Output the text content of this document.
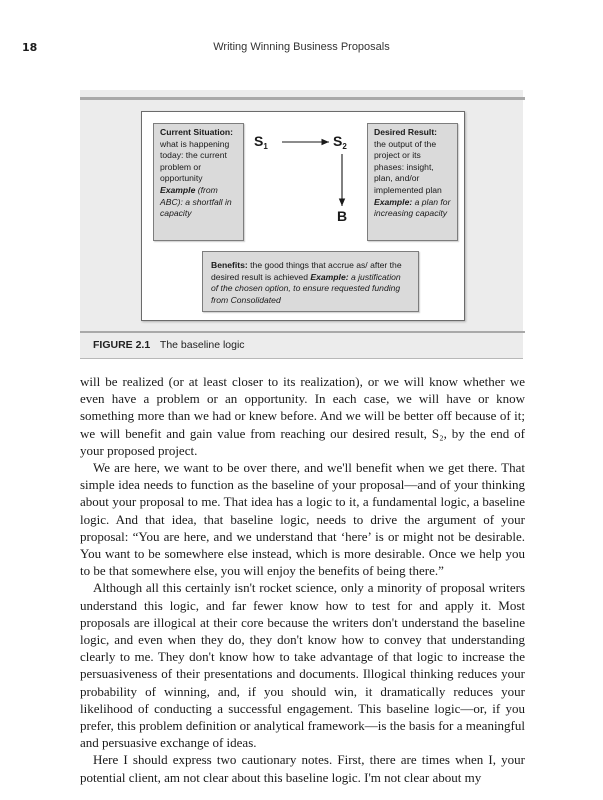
18	Writing Winning Business Proposals
Current Situation: what is happening today: the current problem or opportunity Example (from ABC): a shortfall in capacity
$S_1$	$S_2$
B
Desired Result: the output of the project or its phases: insight, plan, and/or implemented plan Example: a plan for increasing capacity
Benefits: the good things that accrue as/ after the desired result is achieved Example: a justification of the chosen option, to ensure requested funding from Consolidated
FIGURE 2.1 The baseline logic

will be realized (or at least closer to its realization), or we will know whether we even have a problem or an opportunity. In each case, we will have or know something more than we had or knew before. And we will be better off because of it; we will benefit and gain value from reaching our desired result, S₂, by the end of your proposed project.

We are here, we want to be over there, and we'll benefit when we get there. That simple idea needs to function as the baseline of your proposal—and of your thinking about your proposal to me. That idea has a logic to it, a fundamental logic, a baseline logic. And that idea, that baseline logic, needs to drive the argument of your proposal: “You are here, and we understand that ‘here’ is or might not be desirable. You want to be somewhere else instead, which is more desirable. Once we help you to be that somewhere else, you will enjoy the benefits of being there.”

Although all this certainly isn't rocket science, only a minority of proposal writers understand this logic, and far fewer know how to test for and apply it. Most proposals are illogical at their core because the writers don't understand the baseline logic, and even when they do, they don't know how to convey that understanding clearly to me. They don't know how to take advantage of that logic to increase the persuasiveness of their presentations and documents. Illogical thinking reduces your probability of winning, and, if you should win, it dramatically reduces your likelihood of conducting a successful engagement. This baseline logic—or, if you prefer, this problem definition or analytical framework—is the basis for a meaningful and persuasive exchange of ideas.

Here I should express two cautionary notes. First, there are times when I, your potential client, am not clear about this baseline logic. I'm not clear about my
